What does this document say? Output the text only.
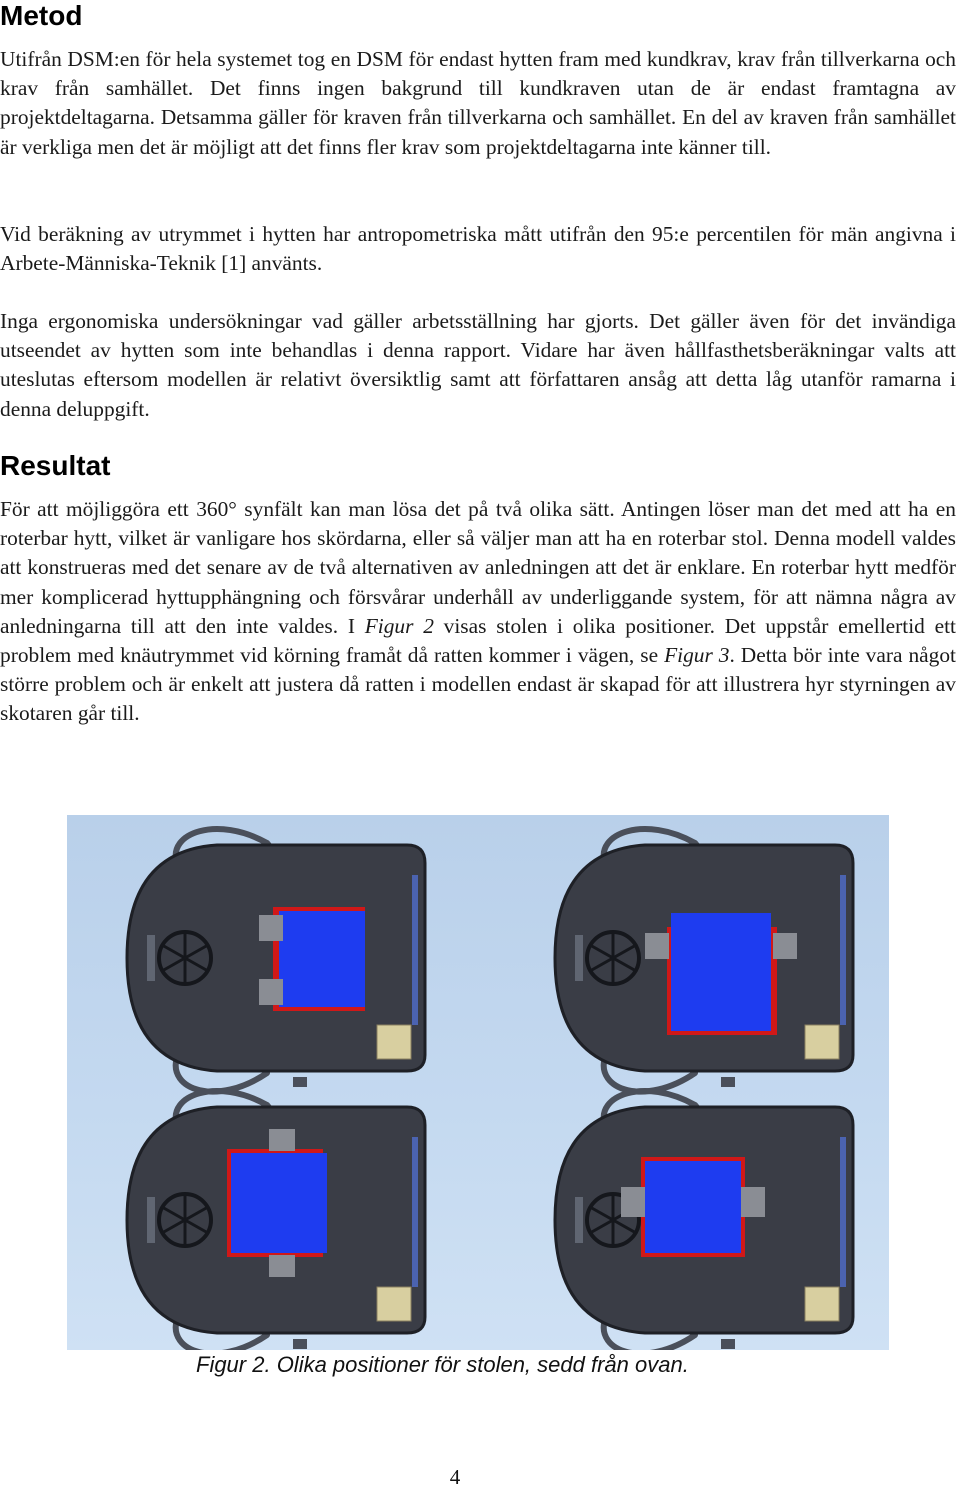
Metod

Utifrån DSM:en för hela systemet tog en DSM för endast hytten fram med kundkrav, krav från tillverkarna och krav från samhället. Det finns ingen bakgrund till kundkraven utan de är endast framtagna av projektdeltagarna. Detsamma gäller för kraven från tillverkarna och samhället. En del av kraven från samhället är verkliga men det är möjligt att det finns fler krav som projektdeltagarna inte känner till.

Vid beräkning av utrymmet i hytten har antropometriska mått utifrån den 95:e percentilen för män angivna i Arbete-Människa-Teknik [1] använts.

Inga ergonomiska undersökningar vad gäller arbetsställning har gjorts. Det gäller även för det invändiga utseendet av hytten som inte behandlas i denna rapport. Vidare har även hållfasthetsberäkningar valts att uteslutas eftersom modellen är relativt översiktlig samt att författaren ansåg att detta låg utanför ramarna i denna deluppgift.

Resultat

För att möjliggöra ett 360° synfält kan man lösa det på två olika sätt. Antingen löser man det med att ha en roterbar hytt, vilket är vanligare hos skördarna, eller så väljer man att ha en roterbar stol. Denna modell valdes att konstrueras med det senare av de två alternativen av anledningen att det är enklare. En roterbar hytt medför mer komplicerad hyttupphängning och försvårar underhåll av underliggande system, för att nämna några av anledningarna till att den inte valdes. I Figur 2 visas stolen i olika positioner. Det uppstår emellertid ett problem med knäutrymmet vid körning framåt då ratten kommer i vägen, se Figur 3. Detta bör inte vara något större problem och är enkelt att justera då ratten i modellen endast är skapad för att illustrera hyr styrningen av skotaren går till.

Figur 2. Olika positioner för stolen, sedd från ovan.

4
